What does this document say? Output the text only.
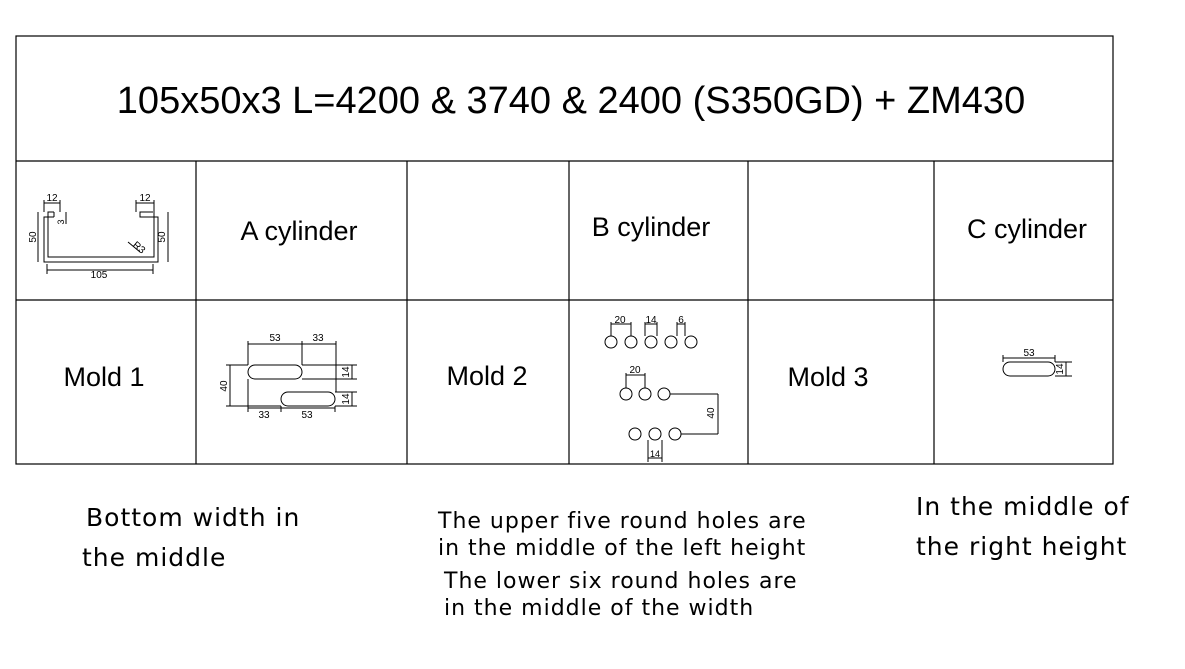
105x50x3 L=4200 & 3740 & 2400 (S350GD) + ZM430
A cylinder	B cylinder	C cylinder
Mold 1	Mold 2	Mold 3
12	12
3
50	50
R3
105
53	33
40
14
14
33	53
20 14 6
20
40
14
53
14
Bottom width in
the middle
The upper five round holes are
in the middle of the left height
The lower six round holes are
in the middle of the width
In the middle of
the right height
